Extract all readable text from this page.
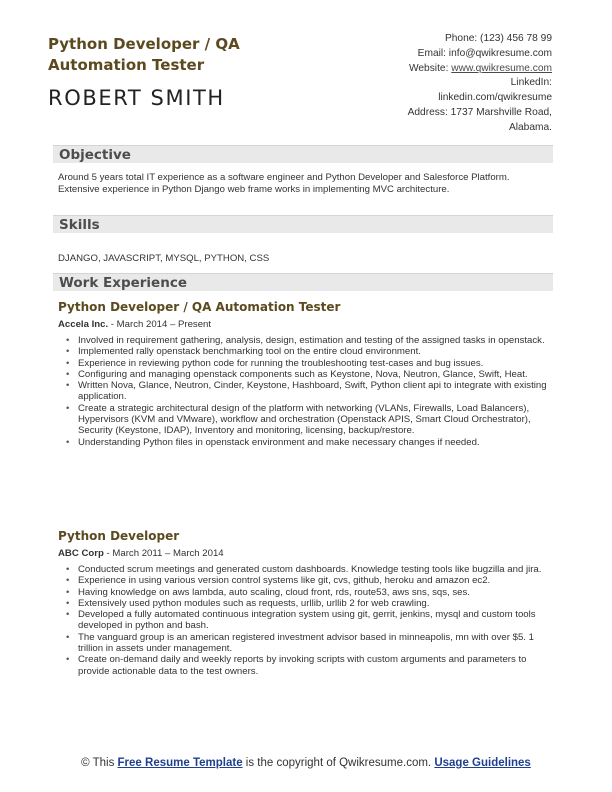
Python Developer / QA Automation Tester
ROBERT SMITH
Phone: (123) 456 78 99
Email: info@qwikresume.com
Website: www.qwikresume.com
LinkedIn:
linkedin.com/qwikresume
Address: 1737 Marshville Road,
Alabama.
Objective
Around 5 years total IT experience as a software engineer and Python Developer and Salesforce Platform. Extensive experience in Python Django web frame works in implementing MVC architecture.
Skills
DJANGO, JAVASCRIPT, MYSQL, PYTHON, CSS
Work Experience
Python Developer / QA Automation Tester
Accela Inc. - March 2014 – Present
• Involved in requirement gathering, analysis, design, estimation and testing of the assigned tasks in openstack.
• Implemented rally openstack benchmarking tool on the entire cloud environment.
• Experience in reviewing python code for running the troubleshooting test-cases and bug issues.
• Configuring and managing openstack components such as Keystone, Nova, Neutron, Glance, Swift, Heat.
• Written Nova, Glance, Neutron, Cinder, Keystone, Hashboard, Swift, Python client api to integrate with existing application.
• Create a strategic architectural design of the platform with networking (VLANs, Firewalls, Load Balancers), Hypervisors (KVM and VMware), workflow and orchestration (Openstack APIS, Smart Cloud Orchestrator), Security (Keystone, IDAP), Inventory and monitoring, licensing, backup/restore.
• Understanding Python files in openstack environment and make necessary changes if needed.
Python Developer
ABC Corp - March 2011 – March 2014
• Conducted scrum meetings and generated custom dashboards. Knowledge testing tools like bugzilla and jira.
• Experience in using various version control systems like git, cvs, github, heroku and amazon ec2.
• Having knowledge on aws lambda, auto scaling, cloud front, rds, route53, aws sns, sqs, ses.
• Extensively used python modules such as requests, urllib, urllib 2 for web crawling.
• Developed a fully automated continuous integration system using git, gerrit, jenkins, mysql and custom tools developed in python and bash.
• The vanguard group is an american registered investment advisor based in minneapolis, mn with over $5. 1 trillion in assets under management.
• Create on-demand daily and weekly reports by invoking scripts with custom arguments and parameters to provide actionable data to the test owners.
© This Free Resume Template is the copyright of Qwikresume.com. Usage Guidelines
